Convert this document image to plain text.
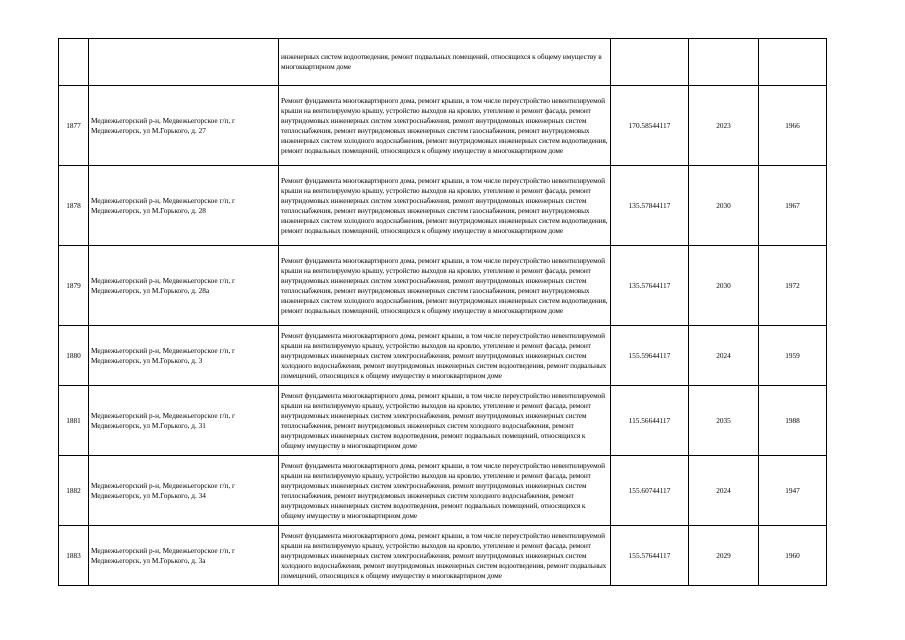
		инженерных систем водоотведения, ремонт подвальных помещений, относящихся к общему имуществу в многоквартирном доме			
1877	Медвежьегорский р-н, Медвежьегорское г/п, г Медвежьегорск, ул М.Горького, д. 27	Ремонт фундамента многоквартирного дома, ремонт крыши, в том числе переустройство невентилируемой крыши на вентилируемую крышу, устройство выходов на кровлю, утепление и ремонт фасада, ремонт внутридомовых инженерных систем электроснабжения, ремонт внутридомовых инженерных систем теплоснабжения, ремонт внутридомовых инженерных систем газоснабжения, ремонт внутридомовых инженерных систем холодного водоснабжения, ремонт внутридомовых инженерных систем водоотведения, ремонт подвальных помещений, относящихся к общему имуществу в многоквартирном доме	170.58544117	2023	1966
1878	Медвежьегорский р-н, Медвежьегорское г/п, г Медвежьегорск, ул М.Горького, д. 28	Ремонт фундамента многоквартирного дома, ремонт крыши, в том числе переустройство невентилируемой крыши на вентилируемую крышу, устройство выходов на кровлю, утепление и ремонт фасада, ремонт внутридомовых инженерных систем электроснабжения, ремонт внутридомовых инженерных систем теплоснабжения, ремонт внутридомовых инженерных систем газоснабжения, ремонт внутридомовых инженерных систем холодного водоснабжения, ремонт внутридомовых инженерных систем водоотведения, ремонт подвальных помещений, относящихся к общему имуществу в многоквартирном доме	135.57844117	2030	1967
1879	Медвежьегорский р-н, Медвежьегорское г/п, г Медвежьегорск, ул М.Горького, д. 28а	Ремонт фундамента многоквартирного дома, ремонт крыши, в том числе переустройство невентилируемой крыши на вентилируемую крышу, устройство выходов на кровлю, утепление и ремонт фасада, ремонт внутридомовых инженерных систем электроснабжения, ремонт внутридомовых инженерных систем теплоснабжения, ремонт внутридомовых инженерных систем газоснабжения, ремонт внутридомовых инженерных систем холодного водоснабжения, ремонт внутридомовых инженерных систем водоотведения, ремонт подвальных помещений, относящихся к общему имуществу в многоквартирном доме	135.57644117	2030	1972
1880	Медвежьегорский р-н, Медвежьегорское г/п, г Медвежьегорск, ул М.Горького, д. 3	Ремонт фундамента многоквартирного дома, ремонт крыши, в том числе переустройство невентилируемой крыши на вентилируемую крышу, устройство выходов на кровлю, утепление и ремонт фасада, ремонт внутридомовых инженерных систем электроснабжения, ремонт внутридомовых инженерных систем холодного водоснабжения, ремонт внутридомовых инженерных систем водоотведения, ремонт подвальных помещений, относящихся к общему имуществу в многоквартирном доме	155.59644117	2024	1959
1881	Медвежьегорский р-н, Медвежьегорское г/п, г Медвежьегорск, ул М.Горького, д. 31	Ремонт фундамента многоквартирного дома, ремонт крыши, в том числе переустройство невентилируемой крыши на вентилируемую крышу, устройство выходов на кровлю, утепление и ремонт фасада, ремонт внутридомовых инженерных систем электроснабжения, ремонт внутридомовых инженерных систем теплоснабжения, ремонт внутридомовых инженерных систем холодного водоснабжения, ремонт внутридомовых инженерных систем водоотведения, ремонт подвальных помещений, относящихся к общему имуществу в многоквартирном доме	115.56644117	2035	1988
1882	Медвежьегорский р-н, Медвежьегорское г/п, г Медвежьегорск, ул М.Горького, д. 34	Ремонт фундамента многоквартирного дома, ремонт крыши, в том числе переустройство невентилируемой крыши на вентилируемую крышу, устройство выходов на кровлю, утепление и ремонт фасада, ремонт внутридомовых инженерных систем электроснабжения, ремонт внутридомовых инженерных систем теплоснабжения, ремонт внутридомовых инженерных систем холодного водоснабжения, ремонт внутридомовых инженерных систем водоотведения, ремонт подвальных помещений, относящихся к общему имуществу в многоквартирном доме	155.60744117	2024	1947
1883	Медвежьегорский р-н, Медвежьегорское г/п, г Медвежьегорск, ул М.Горького, д. 3а	Ремонт фундамента многоквартирного дома, ремонт крыши, в том числе переустройство невентилируемой крыши на вентилируемую крышу, устройство выходов на кровлю, утепление и ремонт фасада, ремонт внутридомовых инженерных систем электроснабжения, ремонт внутридомовых инженерных систем холодного водоснабжения, ремонт внутридомовых инженерных систем водоотведения, ремонт подвальных помещений, относящихся к общему имуществу в многоквартирном доме	155.57644117	2029	1960
